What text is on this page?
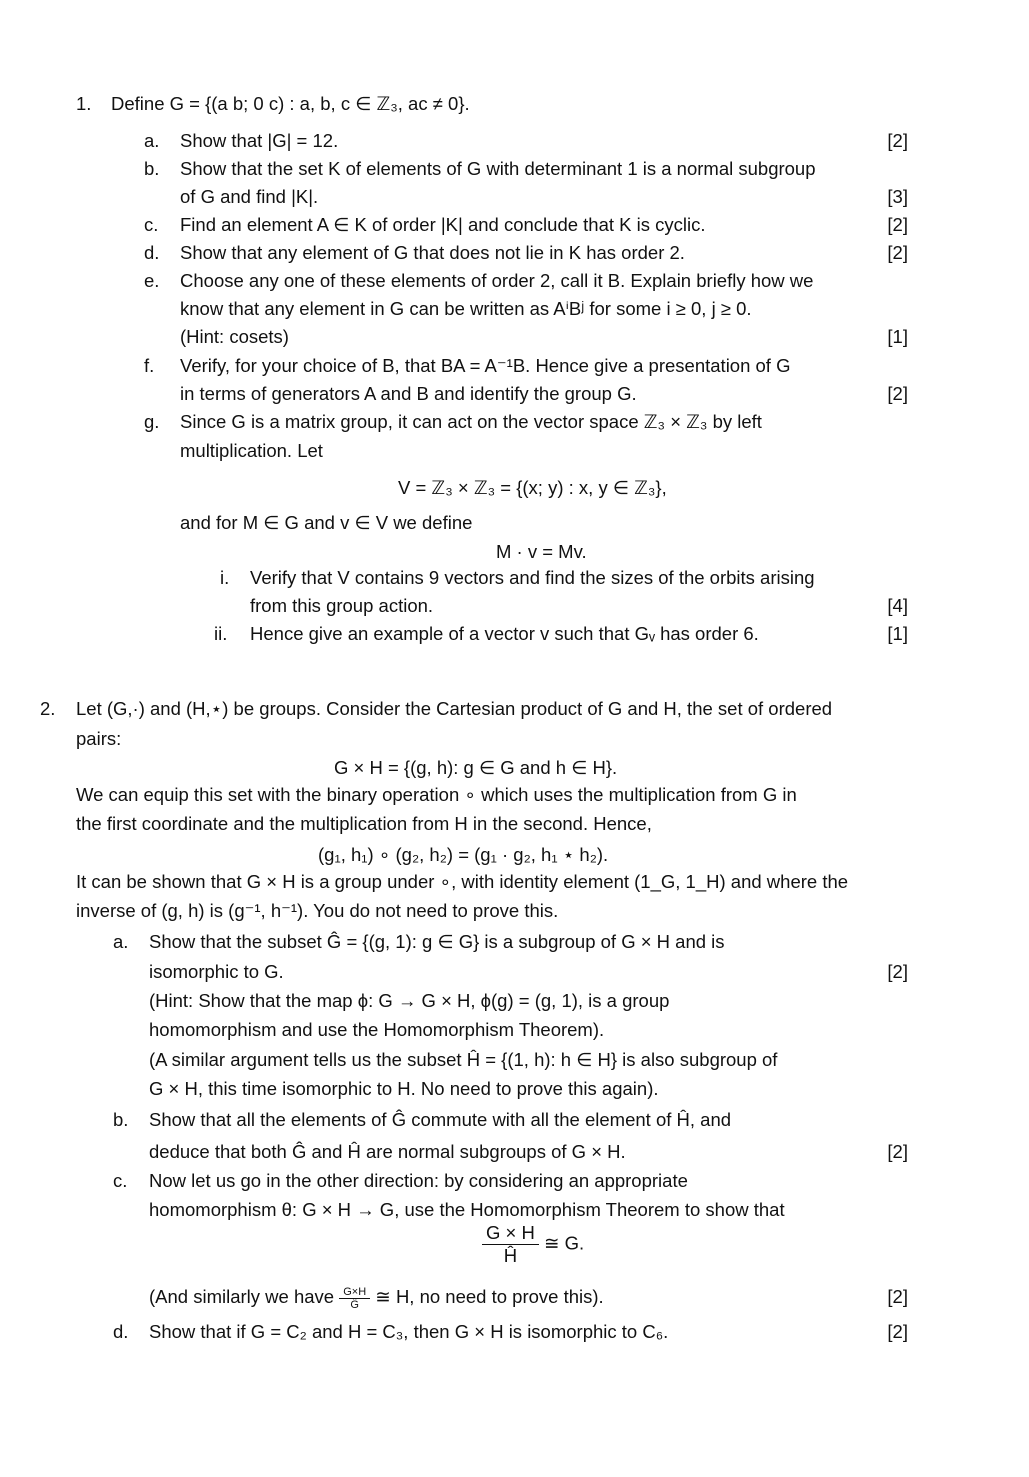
1. Define G = {(a b; 0 c) : a, b, c ∈ ℤ₃, ac ≠ 0}.
a. Show that |G| = 12.	[2]
b. Show that the set K of elements of G with determinant 1 is a normal subgroup
of G and find |K|.	[3]
c. Find an element A ∈ K of order |K| and conclude that K is cyclic.	[2]
d. Show that any element of G that does not lie in K has order 2.	[2]
e. Choose any one of these elements of order 2, call it B. Explain briefly how we
know that any element in G can be written as AⁱBʲ for some i ≥ 0, j ≥ 0.
(Hint: cosets)	[1]
f. Verify, for your choice of B, that BA = A⁻¹B. Hence give a presentation of G
in terms of generators A and B and identify the group G.	[2]
g. Since G is a matrix group, it can act on the vector space ℤ₃ × ℤ₃ by left
multiplication. Let
V = ℤ₃ × ℤ₃ = {(x; y) : x, y ∈ ℤ₃},
and for M ∈ G and v ∈ V we define
M · v = Mv.
i. Verify that V contains 9 vectors and find the sizes of the orbits arising
from this group action.	[4]
ii. Hence give an example of a vector v such that Gᵥ has order 6.	[1]
2. Let (G,·) and (H,⋆) be groups. Consider the Cartesian product of G and H, the set of ordered
pairs:
G × H = {(g, h): g ∈ G and h ∈ H}.
We can equip this set with the binary operation ∘ which uses the multiplication from G in
the first coordinate and the multiplication from H in the second. Hence,
(g₁, h₁) ∘ (g₂, h₂) = (g₁ · g₂, h₁ ⋆ h₂).
It can be shown that G × H is a group under ∘, with identity element (1_G, 1_H) and where the
inverse of (g, h) is (g⁻¹, h⁻¹). You do not need to prove this.
a. Show that the subset Ĝ = {(g, 1): g ∈ G} is a subgroup of G × H and is
isomorphic to G.	[2]
(Hint: Show that the map ϕ: G → G × H, ϕ(g) = (g, 1), is a group
homomorphism and use the Homomorphism Theorem).
(A similar argument tells us the subset Ĥ = {(1, h): h ∈ H} is also subgroup of
G × H, this time isomorphic to H. No need to prove this again).
b. Show that all the elements of Ĝ commute with all the element of Ĥ, and
deduce that both Ĝ and Ĥ are normal subgroups of G × H.	[2]
c. Now let us go in the other direction: by considering an appropriate
homomorphism θ: G × H → G, use the Homomorphism Theorem to show that
$\frac{G \times H}{Ĥ}$ ≅ G.
(And similarly we have $\frac{G\times H}{Ĝ}$ ≅ H, no need to prove this).	[2]
d. Show that if G = C₂ and H = C₃, then G × H is isomorphic to C₆.	[2]
